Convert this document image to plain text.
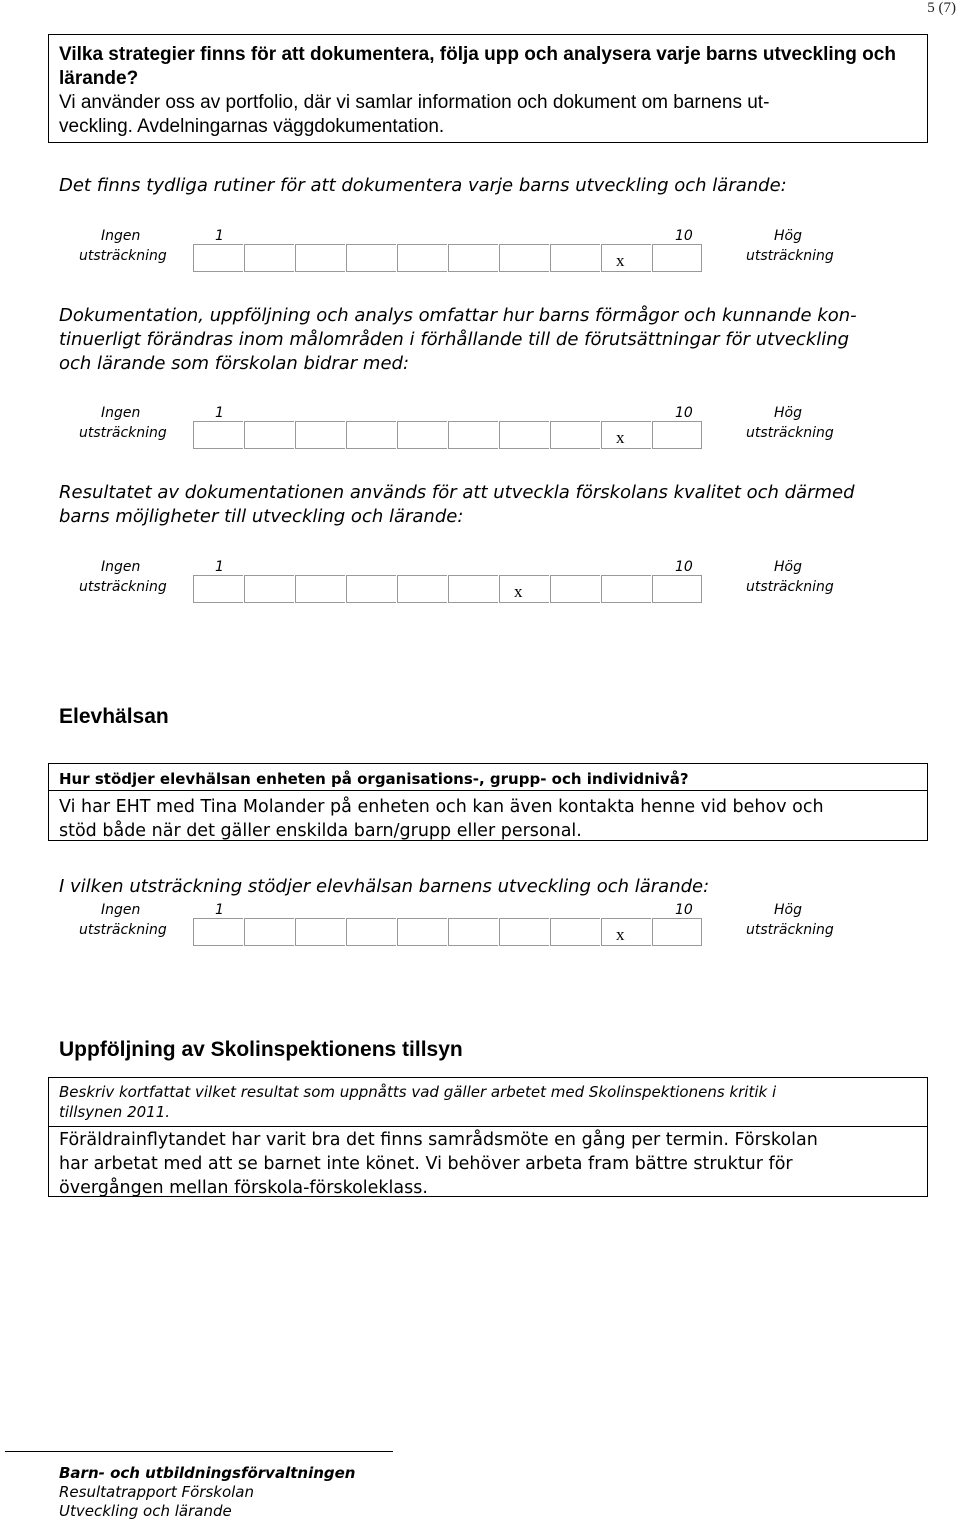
5 (7)
Vilka strategier finns för att dokumentera, följa upp och analysera varje barns utveckling och lärande?
Vi använder oss av portfolio, där vi samlar information och dokument om barnens ut-
veckling. Avdelningarnas väggdokumentation.
Det finns tydliga rutiner för att dokumentera varje barns utveckling och lärande:
Ingen
utsträckning
1	10	Hög
utsträckning
x
Dokumentation, uppföljning och analys omfattar hur barns förmågor och kunnande kon-
tinuerligt förändras inom målområden i förhållande till de förutsättningar för utveckling
och lärande som förskolan bidrar med:
Ingen
utsträckning
1	10	Hög
utsträckning
x
Resultatet av dokumentationen används för att utveckla förskolans kvalitet och därmed
barns möjligheter till utveckling och lärande:
Ingen
utsträckning
1	10	Hög
utsträckning
x
Elevhälsan
Hur stödjer elevhälsan enheten på organisations-, grupp- och individnivå?
Vi har EHT med Tina Molander på enheten och kan även kontakta henne vid behov och
stöd både när det gäller enskilda barn/grupp eller personal.
I vilken utsträckning stödjer elevhälsan barnens utveckling och lärande:
Ingen
utsträckning
1	10	Hög
utsträckning
x
Uppföljning av Skolinspektionens tillsyn
Beskriv kortfattat vilket resultat som uppnåtts vad gäller arbetet med Skolinspektionens kritik i
tillsynen 2011.
Föräldrainflytandet har varit bra det finns samrådsmöte en gång per termin. Förskolan
har arbetat med att se barnet inte könet. Vi behöver arbeta fram bättre struktur för
övergången mellan förskola-förskoleklass.
Barn- och utbildningsförvaltningen
Resultatrapport Förskolan
Utveckling och lärande
